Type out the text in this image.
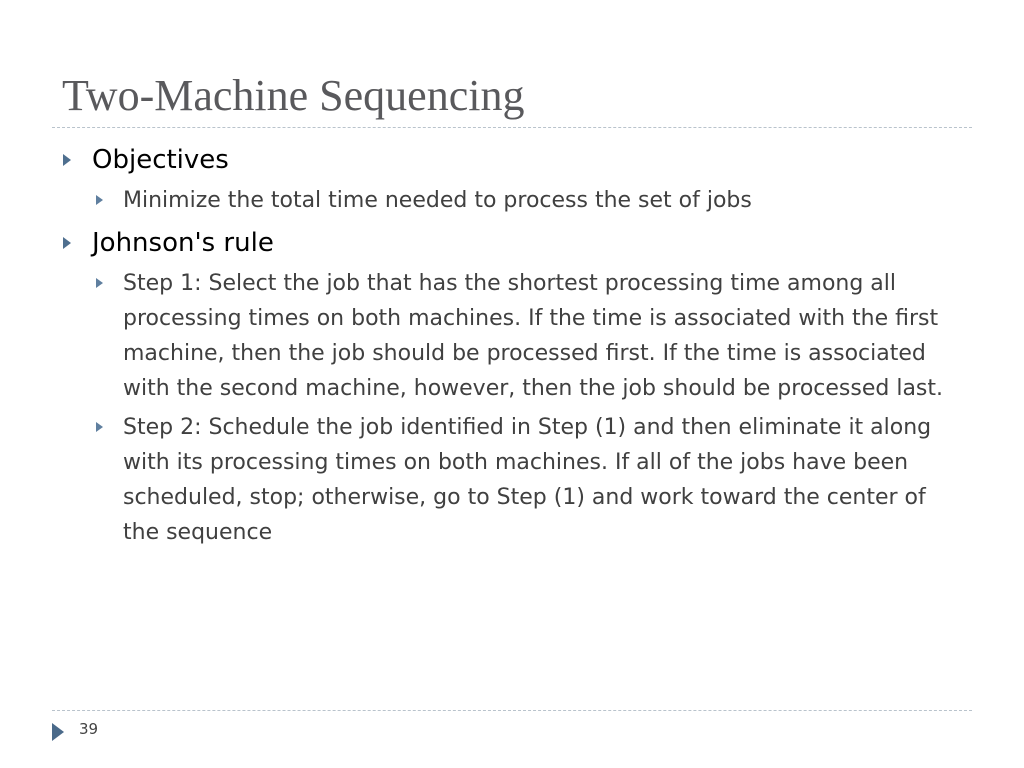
Two-Machine Sequencing
Objectives
Minimize the total time needed to process the set of jobs
Johnson's rule
Step 1: Select the job that has the shortest processing time among all processing times on both machines. If the time is associated with the first machine, then the job should be processed first. If the time is associated with the second machine, however, then the job should be processed last.
Step 2: Schedule the job identified in Step (1) and then eliminate it along with its processing times on both machines. If all of the jobs have been scheduled, stop; otherwise, go to Step (1) and work toward the center of the sequence
39
